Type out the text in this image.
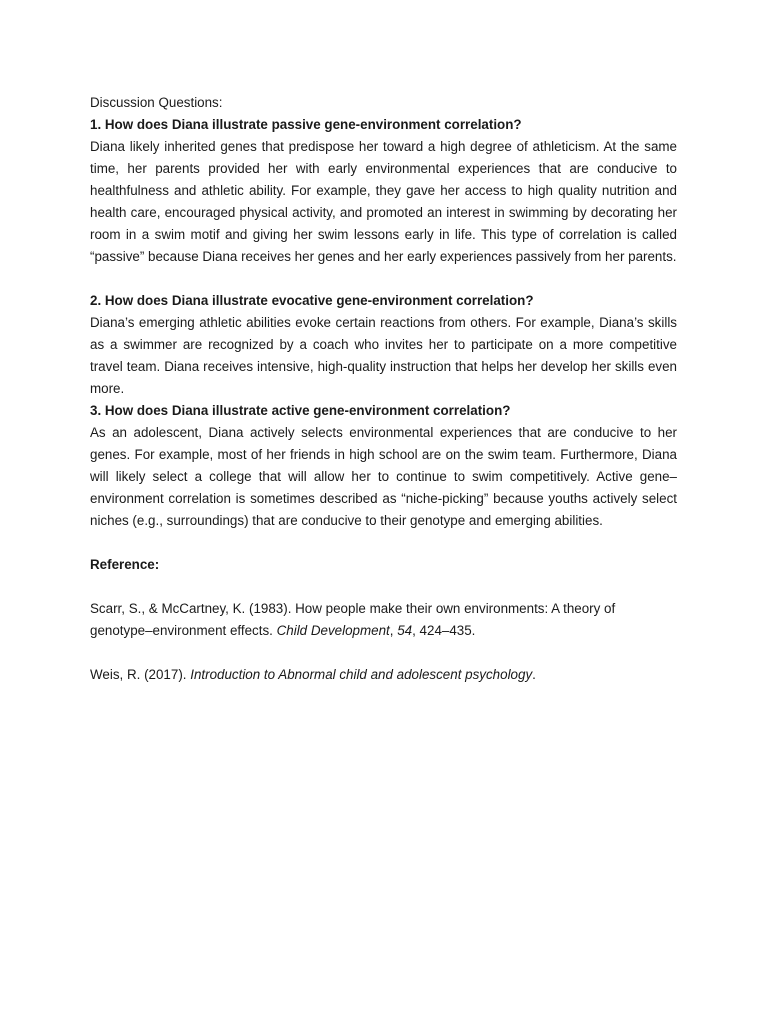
Discussion Questions:

1. How does Diana illustrate passive gene-environment correlation?

Diana likely inherited genes that predispose her toward a high degree of athleticism. At the same time, her parents provided her with early environmental experiences that are conducive to healthfulness and athletic ability. For example, they gave her access to high quality nutrition and health care, encouraged physical activity, and promoted an interest in swimming by decorating her room in a swim motif and giving her swim lessons early in life. This type of correlation is called “passive” because Diana receives her genes and her early experiences passively from her parents.

2. How does Diana illustrate evocative gene-environment correlation?

Diana’s emerging athletic abilities evoke certain reactions from others. For example, Diana’s skills as a swimmer are recognized by a coach who invites her to participate on a more competitive travel team. Diana receives intensive, high-quality instruction that helps her develop her skills even more.

3. How does Diana illustrate active gene-environment correlation?

As an adolescent, Diana actively selects environmental experiences that are conducive to her genes. For example, most of her friends in high school are on the swim team. Furthermore, Diana will likely select a college that will allow her to continue to swim competitively. Active gene–environment correlation is sometimes described as “niche-picking” because youths actively select niches (e.g., surroundings) that are conducive to their genotype and emerging abilities.

Reference:

Scarr, S., & McCartney, K. (1983). How people make their own environments: A theory of genotype–environment effects. Child Development, 54, 424–435.

Weis, R. (2017). Introduction to Abnormal child and adolescent psychology.
